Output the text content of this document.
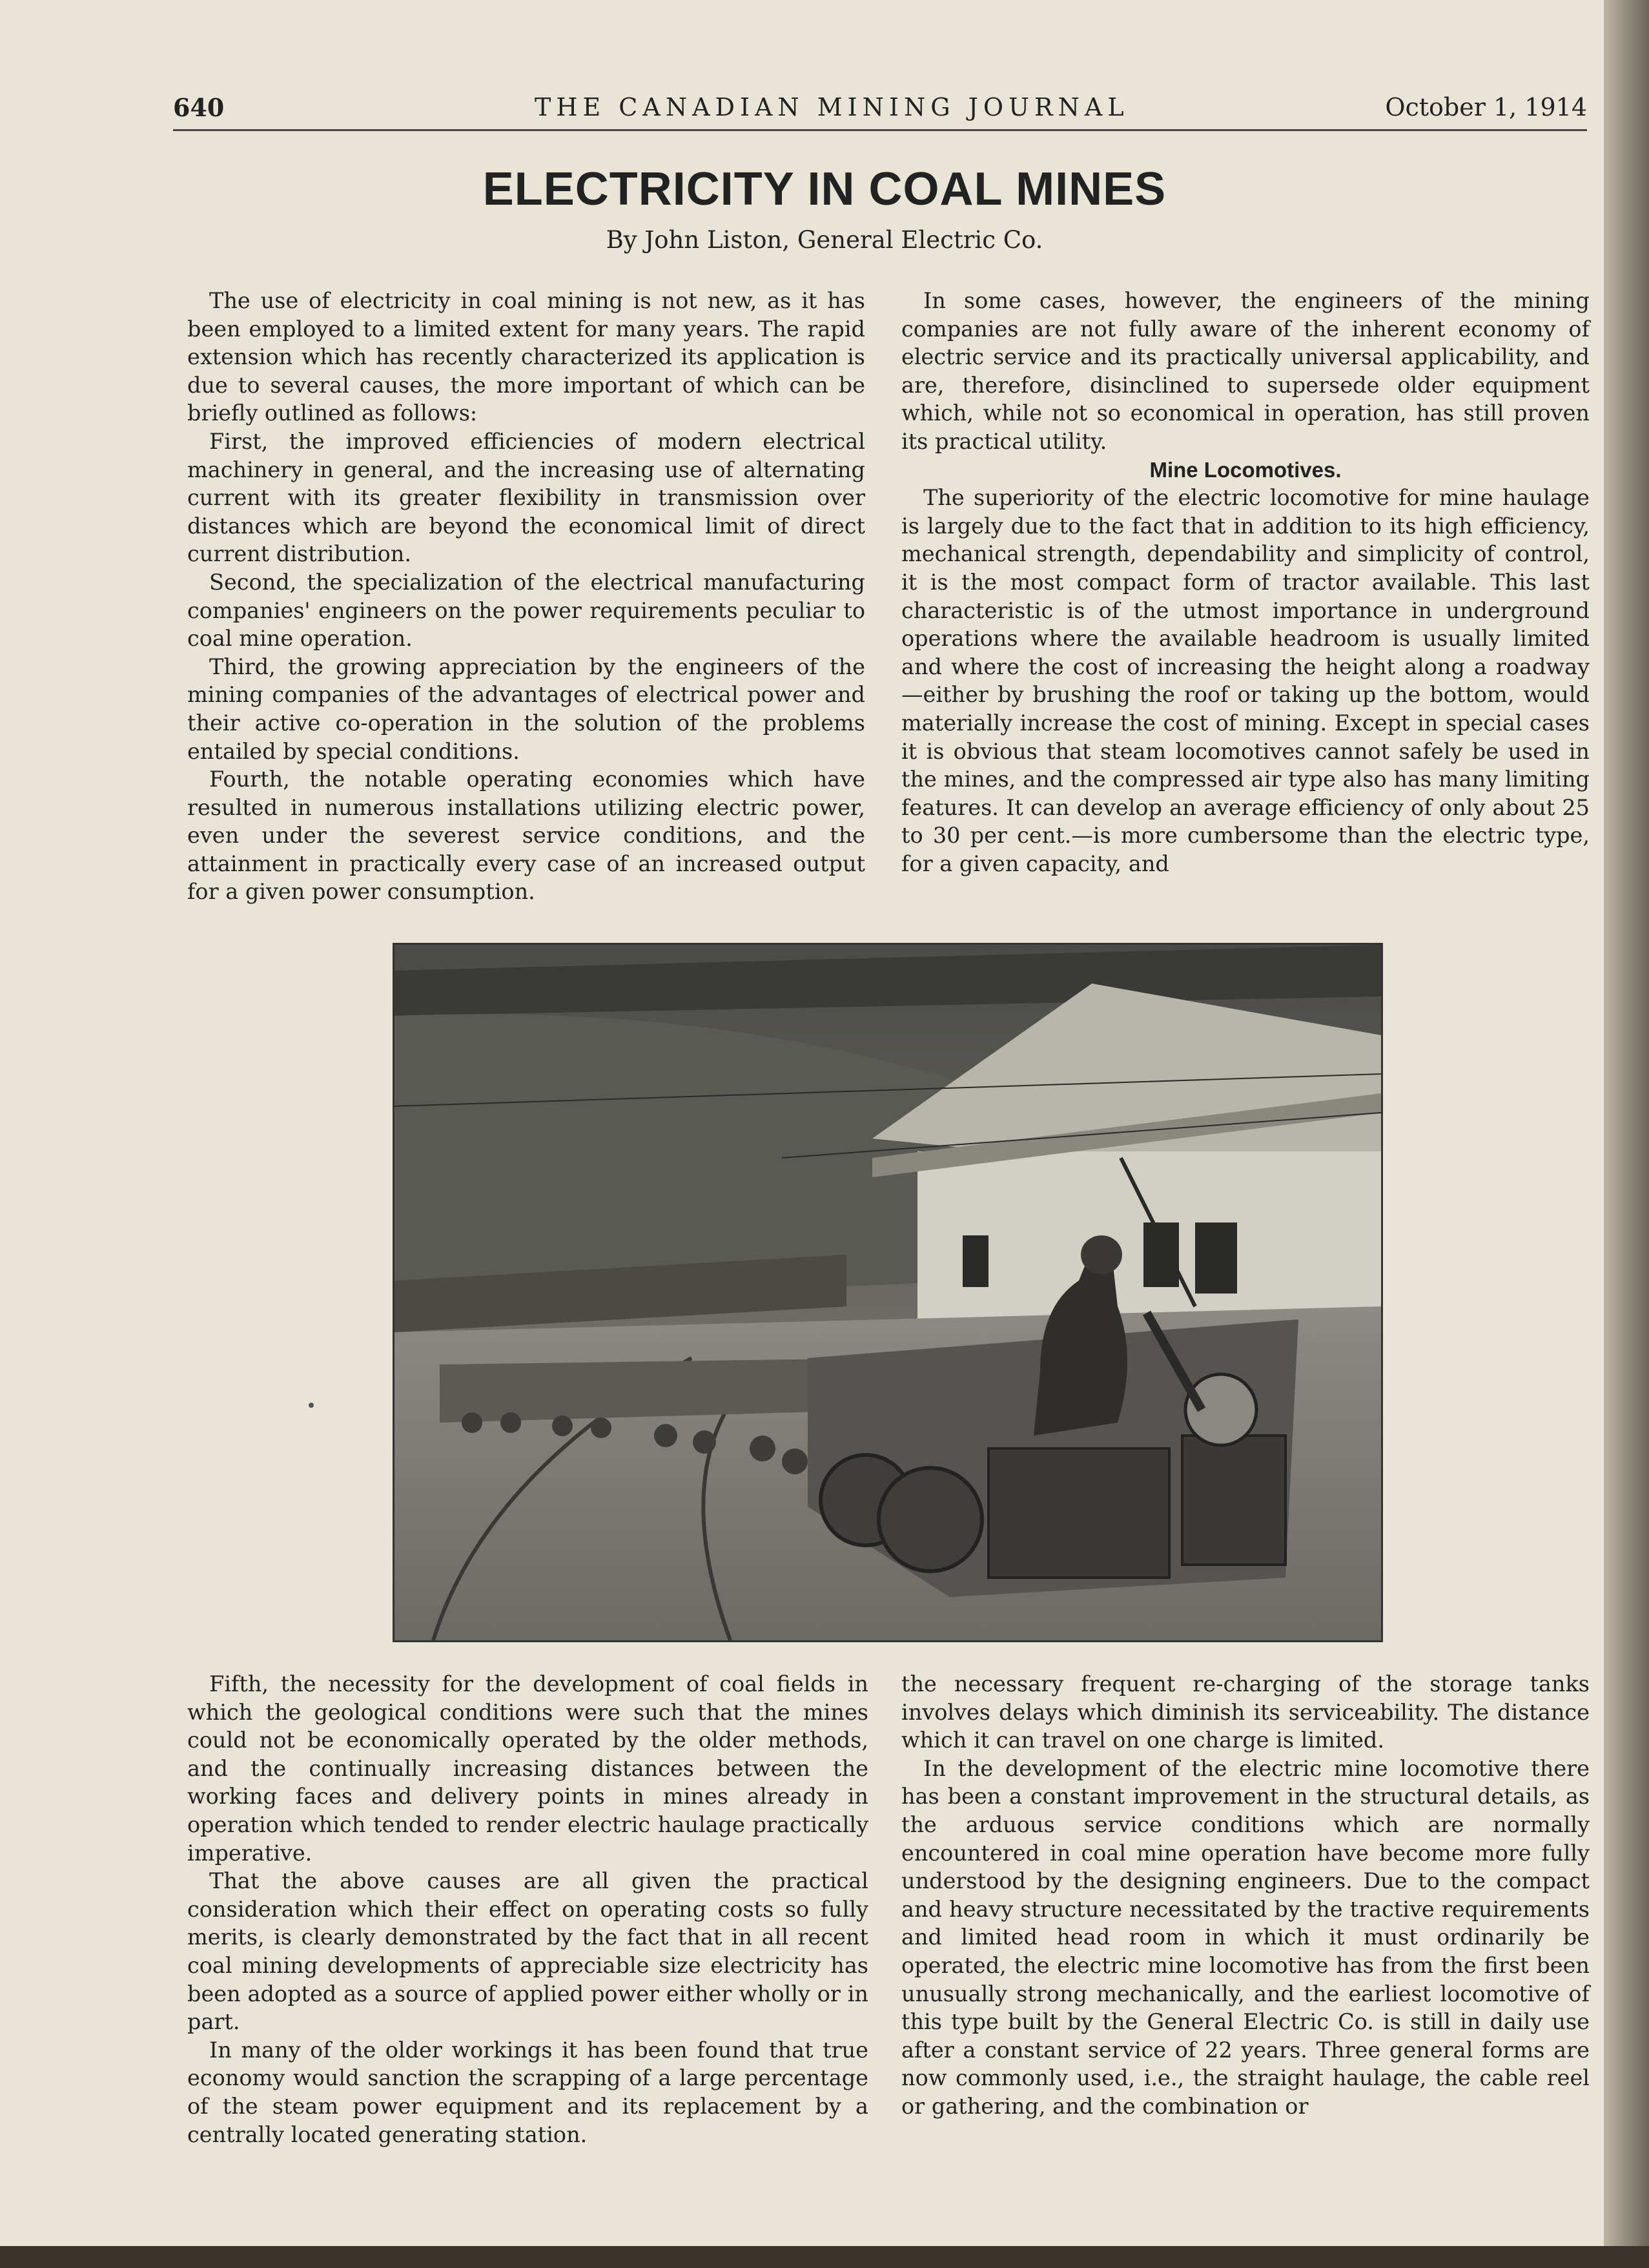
640	THE CANADIAN MINING JOURNAL	October 1, 1914
ELECTRICITY IN COAL MINES
By John Liston, General Electric Co.

The use of electricity in coal mining is not new, as it has been employed to a limited extent for many years. The rapid extension which has recently characterized its application is due to several causes, the more important of which can be briefly outlined as follows:

First, the improved efficiencies of modern electrical machinery in general, and the increasing use of alternating current with its greater flexibility in transmission over distances which are beyond the economical limit of direct current distribution.

Second, the specialization of the electrical manufacturing companies' engineers on the power requirements peculiar to coal mine operation.

Third, the growing appreciation by the engineers of the mining companies of the advantages of electrical power and their active co-operation in the solution of the problems entailed by special conditions.

Fourth, the notable operating economies which have resulted in numerous installations utilizing electric power, even under the severest service conditions, and the attainment in practically every case of an increased output for a given power consumption.

In some cases, however, the engineers of the mining companies are not fully aware of the inherent economy of electric service and its practically universal applicability, and are, therefore, disinclined to supersede older equipment which, while not so economical in operation, has still proven its practical utility.

Mine Locomotives.

The superiority of the electric locomotive for mine haulage is largely due to the fact that in addition to its high efficiency, mechanical strength, dependability and simplicity of control, it is the most compact form of tractor available. This last characteristic is of the utmost importance in underground operations where the available headroom is usually limited and where the cost of increasing the height along a roadway—either by brushing the roof or taking up the bottom, would materially increase the cost of mining. Except in special cases it is obvious that steam locomotives cannot safely be used in the mines, and the compressed air type also has many limiting features. It can develop an average efficiency of only about 25 to 30 per cent.—is more cumbersome than the electric type, for a given capacity, and

Fifth, the necessity for the development of coal fields in which the geological conditions were such that the mines could not be economically operated by the older methods, and the continually increasing distances between the working faces and delivery points in mines already in operation which tended to render electric haulage practically imperative.

That the above causes are all given the practical consideration which their effect on operating costs so fully merits, is clearly demonstrated by the fact that in all recent coal mining developments of appreciable size electricity has been adopted as a source of applied power either wholly or in part.

In many of the older workings it has been found that true economy would sanction the scrapping of a large percentage of the steam power equipment and its replacement by a centrally located generating station.

the necessary frequent re-charging of the storage tanks involves delays which diminish its serviceability. The distance which it can travel on one charge is limited.

In the development of the electric mine locomotive there has been a constant improvement in the structural details, as the arduous service conditions which are normally encountered in coal mine operation have become more fully understood by the designing engineers. Due to the compact and heavy structure necessitated by the tractive requirements and limited head room in which it must ordinarily be operated, the electric mine locomotive has from the first been unusually strong mechanically, and the earliest locomotive of this type built by the General Electric Co. is still in daily use after a constant service of 22 years. Three general forms are now commonly used, i.e., the straight haulage, the cable reel or gathering, and the combination or
